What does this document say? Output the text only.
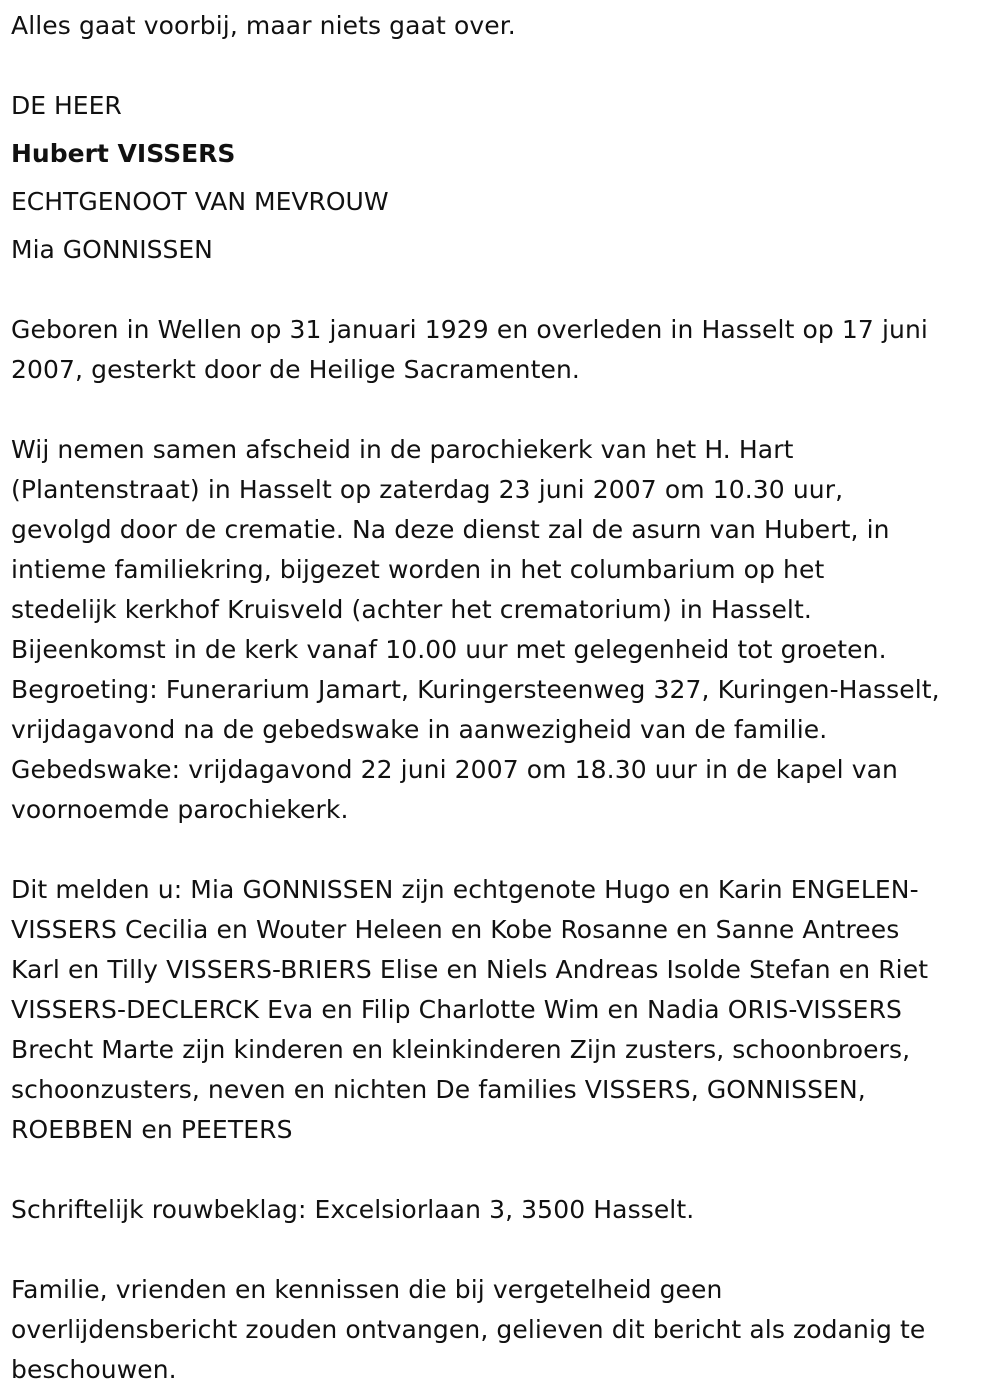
Alles gaat voorbij, maar niets gaat over.
DE HEER
Hubert VISSERS
ECHTGENOOT VAN MEVROUW
Mia GONNISSEN
Geboren in Wellen op 31 januari 1929 en overleden in Hasselt op 17 juni
2007, gesterkt door de Heilige Sacramenten.
Wij nemen samen afscheid in de parochiekerk van het H. Hart
(Plantenstraat) in Hasselt op zaterdag 23 juni 2007 om 10.30 uur,
gevolgd door de crematie. Na deze dienst zal de asurn van Hubert, in
intieme familiekring, bijgezet worden in het columbarium op het
stedelijk kerkhof Kruisveld (achter het crematorium) in Hasselt.
Bijeenkomst in de kerk vanaf 10.00 uur met gelegenheid tot groeten.
Begroeting: Funerarium Jamart, Kuringersteenweg 327, Kuringen-Hasselt,
vrijdagavond na de gebedswake in aanwezigheid van de familie.
Gebedswake: vrijdagavond 22 juni 2007 om 18.30 uur in de kapel van
voornoemde parochiekerk.
Dit melden u: Mia GONNISSEN zijn echtgenote Hugo en Karin ENGELEN-
VISSERS Cecilia en Wouter Heleen en Kobe Rosanne en Sanne Antrees
Karl en Tilly VISSERS-BRIERS Elise en Niels Andreas Isolde Stefan en Riet
VISSERS-DECLERCK Eva en Filip Charlotte Wim en Nadia ORIS-VISSERS
Brecht Marte zijn kinderen en kleinkinderen Zijn zusters, schoonbroers,
schoonzusters, neven en nichten De families VISSERS, GONNISSEN,
ROEBBEN en PEETERS
Schriftelijk rouwbeklag: Excelsiorlaan 3, 3500 Hasselt.
Familie, vrienden en kennissen die bij vergetelheid geen
overlijdensbericht zouden ontvangen, gelieven dit bericht als zodanig te
beschouwen.
